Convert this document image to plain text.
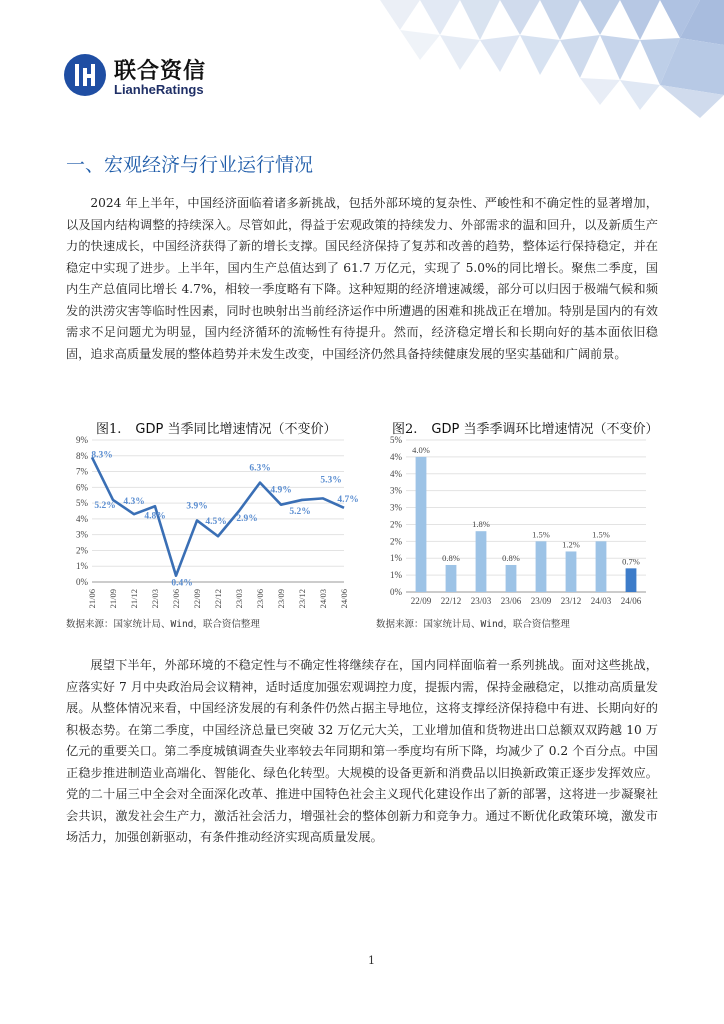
联合资信
LianheRatings
一、宏观经济与行业运行情况

2024 年上半年，中国经济面临着诸多新挑战，包括外部环境的复杂性、严峻性和不确定性的显著增加，以及国内结构调整的持续深入。尽管如此，得益于宏观政策的持续发力、外部需求的温和回升，以及新质生产力的快速成长，中国经济获得了新的增长支撑。国民经济保持了复苏和改善的趋势，整体运行保持稳定，并在稳定中实现了进步。上半年，国内生产总值达到了 61.7 万亿元，实现了 5.0%的同比增长。聚焦二季度，国内生产总值同比增长 4.7%，相较一季度略有下降。这种短期的经济增速减缓，部分可以归因于极端气候和频发的洪涝灾害等临时性因素，同时也映射出当前经济运作中所遭遇的困难和挑战正在增加。特别是国内的有效需求不足问题尤为明显，国内经济循环的流畅性有待提升。然而，经济稳定增长和长期向好的基本面依旧稳固，追求高质量发展的整体趋势并未发生改变，中国经济仍然具备持续健康发展的坚实基础和广阔前景。

图1. GDP 当季同比增速情况（不变价）	图2. GDP 当季季调环比增速情况（不变价）
0%
1%
2%
3%
4%
5%
6%
7%
8%
9%
21/06 21/09 21/12 22/03 22/06 22/09 22/12 23/03 23/06 23/09 23/12 24/03 24/06
8.3%
5.2% 4.3%
4.8%
0.4%
3.9%
4.5% 2.9%
6.3%
4.9%
5.2%
5.3%
4.7%
0%
1%
1%
2%
2%
3%
3%
4%
4%
5%
4.0%
22/09
0.8%
22/12
1.8%
23/03
0.8%
23/06
1.5%
23/09
1.2%
23/12
1.5%
24/03
0.7%
24/06
数据来源：国家统计局、Wind，联合资信整理	数据来源：国家统计局、Wind，联合资信整理

展望下半年，外部环境的不稳定性与不确定性将继续存在，国内同样面临着一系列挑战。面对这些挑战，应落实好 7 月中央政治局会议精神，适时适度加强宏观调控力度，提振内需，保持金融稳定，以推动高质量发展。从整体情况来看，中国经济发展的有利条件仍然占据主导地位，这将支撑经济保持稳中有进、长期向好的积极态势。在第二季度，中国经济总量已突破 32 万亿元大关，工业增加值和货物进出口总额双双跨越 10 万亿元的重要关口。第二季度城镇调查失业率较去年同期和第一季度均有所下降，均减少了 0.2 个百分点。中国正稳步推进制造业高端化、智能化、绿色化转型。大规模的设备更新和消费品以旧换新政策正逐步发挥效应。党的二十届三中全会对全面深化改革、推进中国特色社会主义现代化建设作出了新的部署，这将进一步凝聚社会共识，激发社会生产力，激活社会活力，增强社会的整体创新力和竞争力。通过不断优化政策环境，激发市场活力，加强创新驱动，有条件推动经济实现高质量发展。

1
